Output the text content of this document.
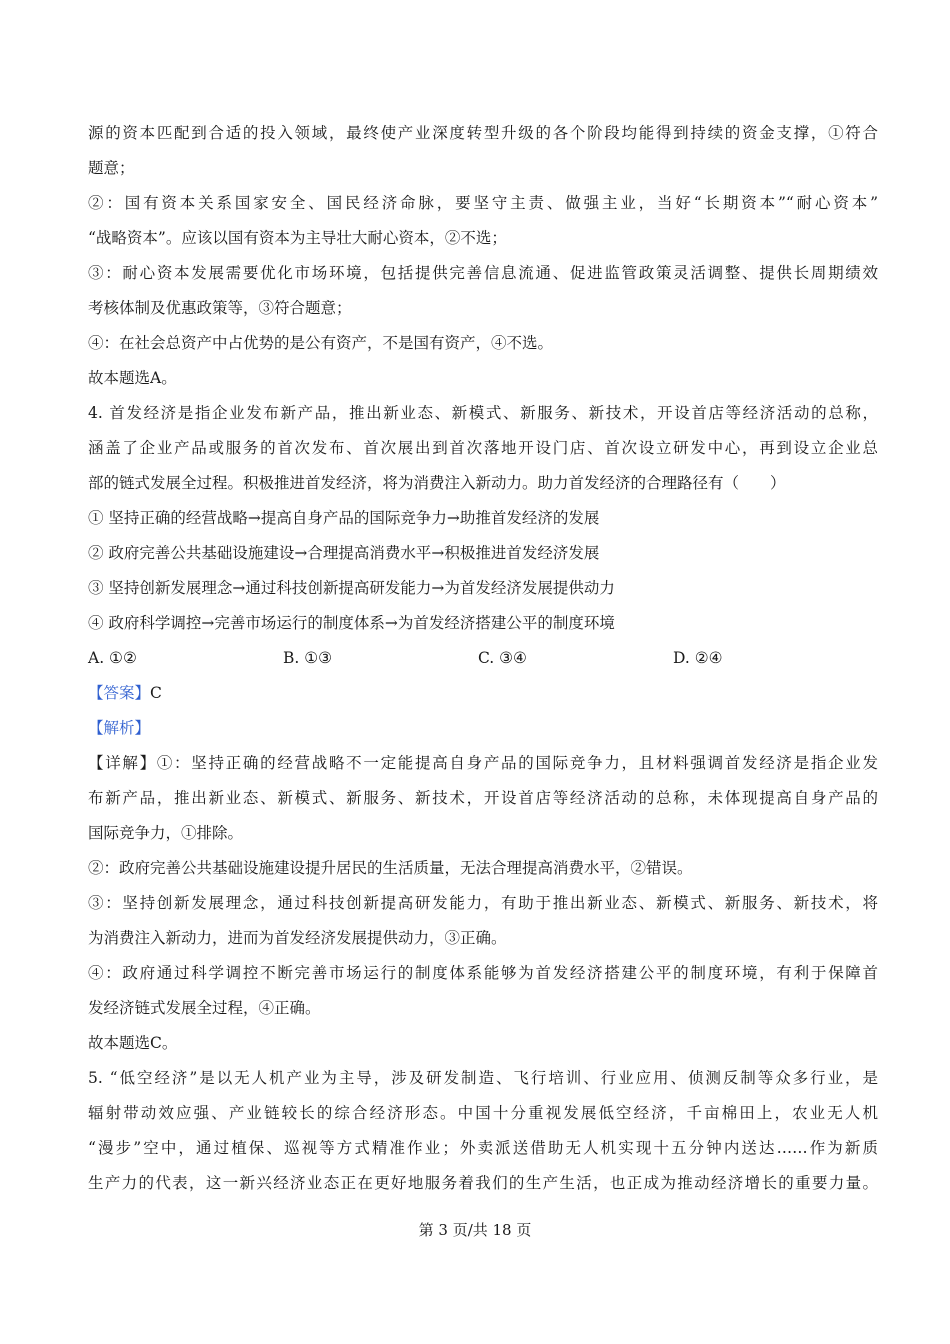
源的资本匹配到合适的投入领域，最终使产业深度转型升级的各个阶段均能得到持续的资金支撑，①符合
题意；
②：国有资本关系国家安全、国民经济命脉，要坚守主责、做强主业，当好“长期资本”“耐心资本”
“战略资本”。应该以国有资本为主导壮大耐心资本，②不选；
③：耐心资本发展需要优化市场环境，包括提供完善信息流通、促进监管政策灵活调整、提供长周期绩效
考核体制及优惠政策等，③符合题意；
④：在社会总资产中占优势的是公有资产，不是国有资产，④不选。
故本题选A。
4. 首发经济是指企业发布新产品，推出新业态、新模式、新服务、新技术，开设首店等经济活动的总称，
涵盖了企业产品或服务的首次发布、首次展出到首次落地开设门店、首次设立研发中心，再到设立企业总
部的链式发展全过程。积极推进首发经济，将为消费注入新动力。助力首发经济的合理路径有（　　）
① 坚持正确的经营战略→提高自身产品的国际竞争力→助推首发经济的发展
② 政府完善公共基础设施建设→合理提高消费水平→积极推进首发经济发展
③ 坚持创新发展理念→通过科技创新提高研发能力→为首发经济发展提供动力
④ 政府科学调控→完善市场运行的制度体系→为首发经济搭建公平的制度环境
A. ①②	B. ①③	C. ③④	D. ②④
【答案】C
【解析】
【详解】①：坚持正确的经营战略不一定能提高自身产品的国际竞争力，且材料强调首发经济是指企业发
布新产品，推出新业态、新模式、新服务、新技术，开设首店等经济活动的总称，未体现提高自身产品的
国际竞争力，①排除。
②：政府完善公共基础设施建设提升居民的生活质量，无法合理提高消费水平，②错误。
③：坚持创新发展理念，通过科技创新提高研发能力，有助于推出新业态、新模式、新服务、新技术，将
为消费注入新动力，进而为首发经济发展提供动力，③正确。
④：政府通过科学调控不断完善市场运行的制度体系能够为首发经济搭建公平的制度环境，有利于保障首
发经济链式发展全过程，④正确。
故本题选C。
5. “低空经济”是以无人机产业为主导，涉及研发制造、飞行培训、行业应用、侦测反制等众多行业，是
辐射带动效应强、产业链较长的综合经济形态。中国十分重视发展低空经济，千亩棉田上，农业无人机
“漫步”空中，通过植保、巡视等方式精准作业；外卖派送借助无人机实现十五分钟内送达……作为新质
生产力的代表，这一新兴经济业态正在更好地服务着我们的生产生活，也正成为推动经济增长的重要力量。
第 3 页/共 18 页
